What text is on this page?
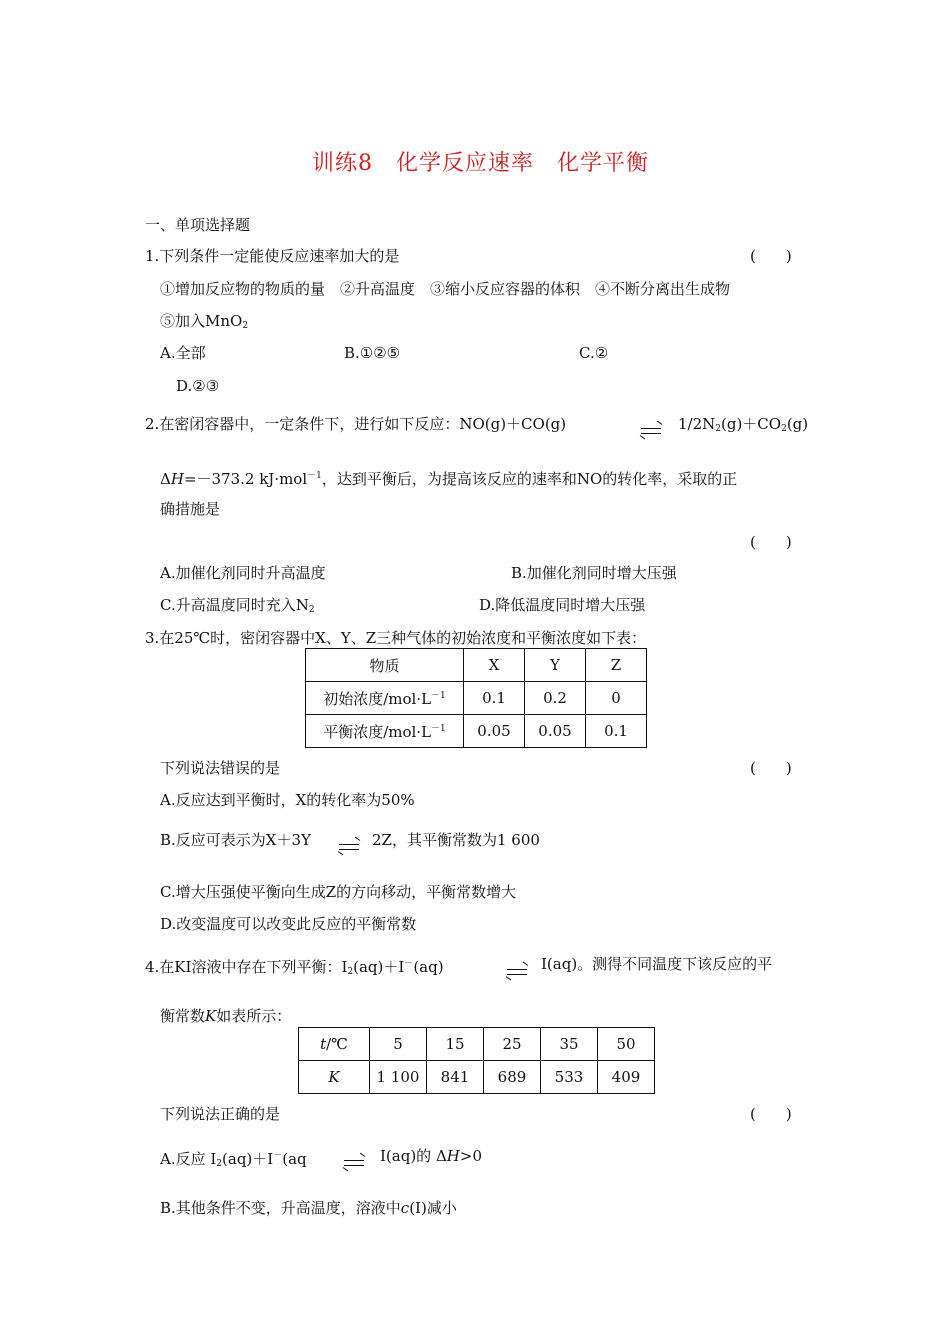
训练8　化学反应速率　化学平衡
一、单项选择题
1.下列条件一定能使反应速率加大的是	(　　)
①增加反应物的物质的量　②升高温度　③缩小反应容器的体积　④不断分离出生成物
⑤加入MnO$_2$
A.全部	B.①②⑤	C.②
D.②③
2.在密闭容器中，一定条件下，进行如下反应：NO(g)＋CO(g)	$1/2N_2(g)+CO_2(g)$
ΔH=－373.2 kJ·mol$^{-1}$，达到平衡后，为提高该反应的速率和NO的转化率，采取的正
确措施是
(　　)
A.加催化剂同时升高温度	B.加催化剂同时增大压强
C.升高温度同时充入$N_2$	D.降低温度同时增大压强
3.在25℃时，密闭容器中X、Y、Z三种气体的初始浓度和平衡浓度如下表：
物质	X	Y	Z
初始浓度$/mol\cdot L^{-1}$	0.1	0.2	0
平衡浓度$/mol\cdot L^{-1}$	0.05	0.05	0.1
下列说法错误的是	(　　)
A.反应达到平衡时，X的转化率为50%
B.反应可表示为X＋3Y	2Z，其平衡常数为1 600
C.增大压强使平衡向生成Z的方向移动，平衡常数增大
D.改变温度可以改变此反应的平衡常数
4.在KI溶液中存在下列平衡：$I_2(aq)+I^-(aq)$	I(aq)。测得不同温度下该反应的平
衡常数K如表所示：
t/℃	5	15	25	35	50
K	1 100	841	689	533	409
下列说法正确的是	(　　)
A.反应 $I_2(aq)+I^-(aq$	I(aq)的 ΔH>0
B.其他条件不变，升高温度，溶液中c(I)减小
